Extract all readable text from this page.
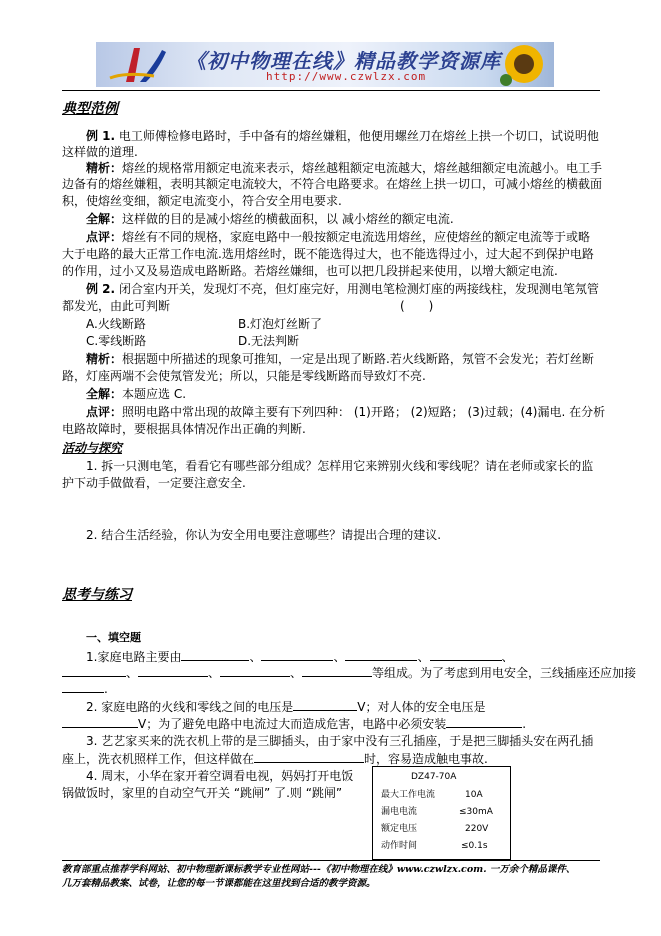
《初中物理在线》精品教学资源库
http://www.czwlzx.com
典型范例
例 1. 电工师傅检修电路时，手中备有的熔丝嫌粗，他便用螺丝刀在熔丝上拱一个切口，试说明他
这样做的道理.
精析：熔丝的规格常用额定电流来表示，熔丝越粗额定电流越大，熔丝越细额定电流越小。电工手
边备有的熔丝嫌粗，表明其额定电流较大，不符合电路要求。在熔丝上拱一切口，可减小熔丝的横截面
积，使熔丝变细，额定电流变小，符合安全用电要求.
全解：这样做的目的是减小熔丝的横截面积，以 减小熔丝的额定电流.
点评：熔丝有不同的规格，家庭电路中一般按额定电流选用熔丝，应使熔丝的额定电流等于或略
大于电路的最大正常工作电流.选用熔丝时，既不能选得过大，也不能选得过小，过大起不到保护电路
的作用，过小又及易造成电路断路。若熔丝嫌细，也可以把几段拼起来使用，以增大额定电流.
例 2. 闭合室内开关，发现灯不亮，但灯座完好，用测电笔检测灯座的两接线柱，发现测电笔氖管
都发光，由此可判断	(　　)
A.火线断路	B.灯泡灯丝断了
C.零线断路	D.无法判断
精析：根据题中所描述的现象可推知，一定是出现了断路.若火线断路，氖管不会发光；若灯丝断
路，灯座两端不会使氖管发光；所以，只能是零线断路而导致灯不亮.
全解：本题应选 C.
点评：照明电路中常出现的故障主要有下列四种： (1)开路； (2)短路； (3)过载；(4)漏电. 在分析
电路故障时，要根据具体情况作出正确的判断.
活动与探究
1. 拆一只测电笔，看看它有哪些部分组成？怎样用它来辨别火线和零线呢？请在老师或家长的监
护下动手做做看，一定要注意安全.
2. 结合生活经验，你认为安全用电要注意哪些？请提出合理的建议.
思考与练习
一、填空题
1.家庭电路主要由	、	、	、	、
、	、	、	等组成。为了考虑到用电安全，三线插座还应加接
.
2. 家庭电路的火线和零线之间的电压是	V；对人体的安全电压是
V；为了避免电路中电流过大而造成危害，电路中必须安装	.
3. 艺艺家买来的洗衣机上带的是三脚插头，由于家中没有三孔插座，于是把三脚插头安在两孔插
座上，洗衣机照样工作，但这样做在	时，容易造成触电事故.
4. 周末，小华在家开着空调看电视，妈妈打开电饭
锅做饭时，家里的自动空气开关 “跳闸” 了.则 “跳闸”
DZ47-70A
最大工作电流	10A
漏电电流	≤30mA
额定电压	220V
动作时间	≤0.1s
教育部重点推荐学科网站、初中物理新课标教学专业性网站---《初中物理在线》www.czwlzx.com. 一万余个精品课件、
几万套精品教案、试卷，让您的每一节课都能在这里找到合适的教学资源。
